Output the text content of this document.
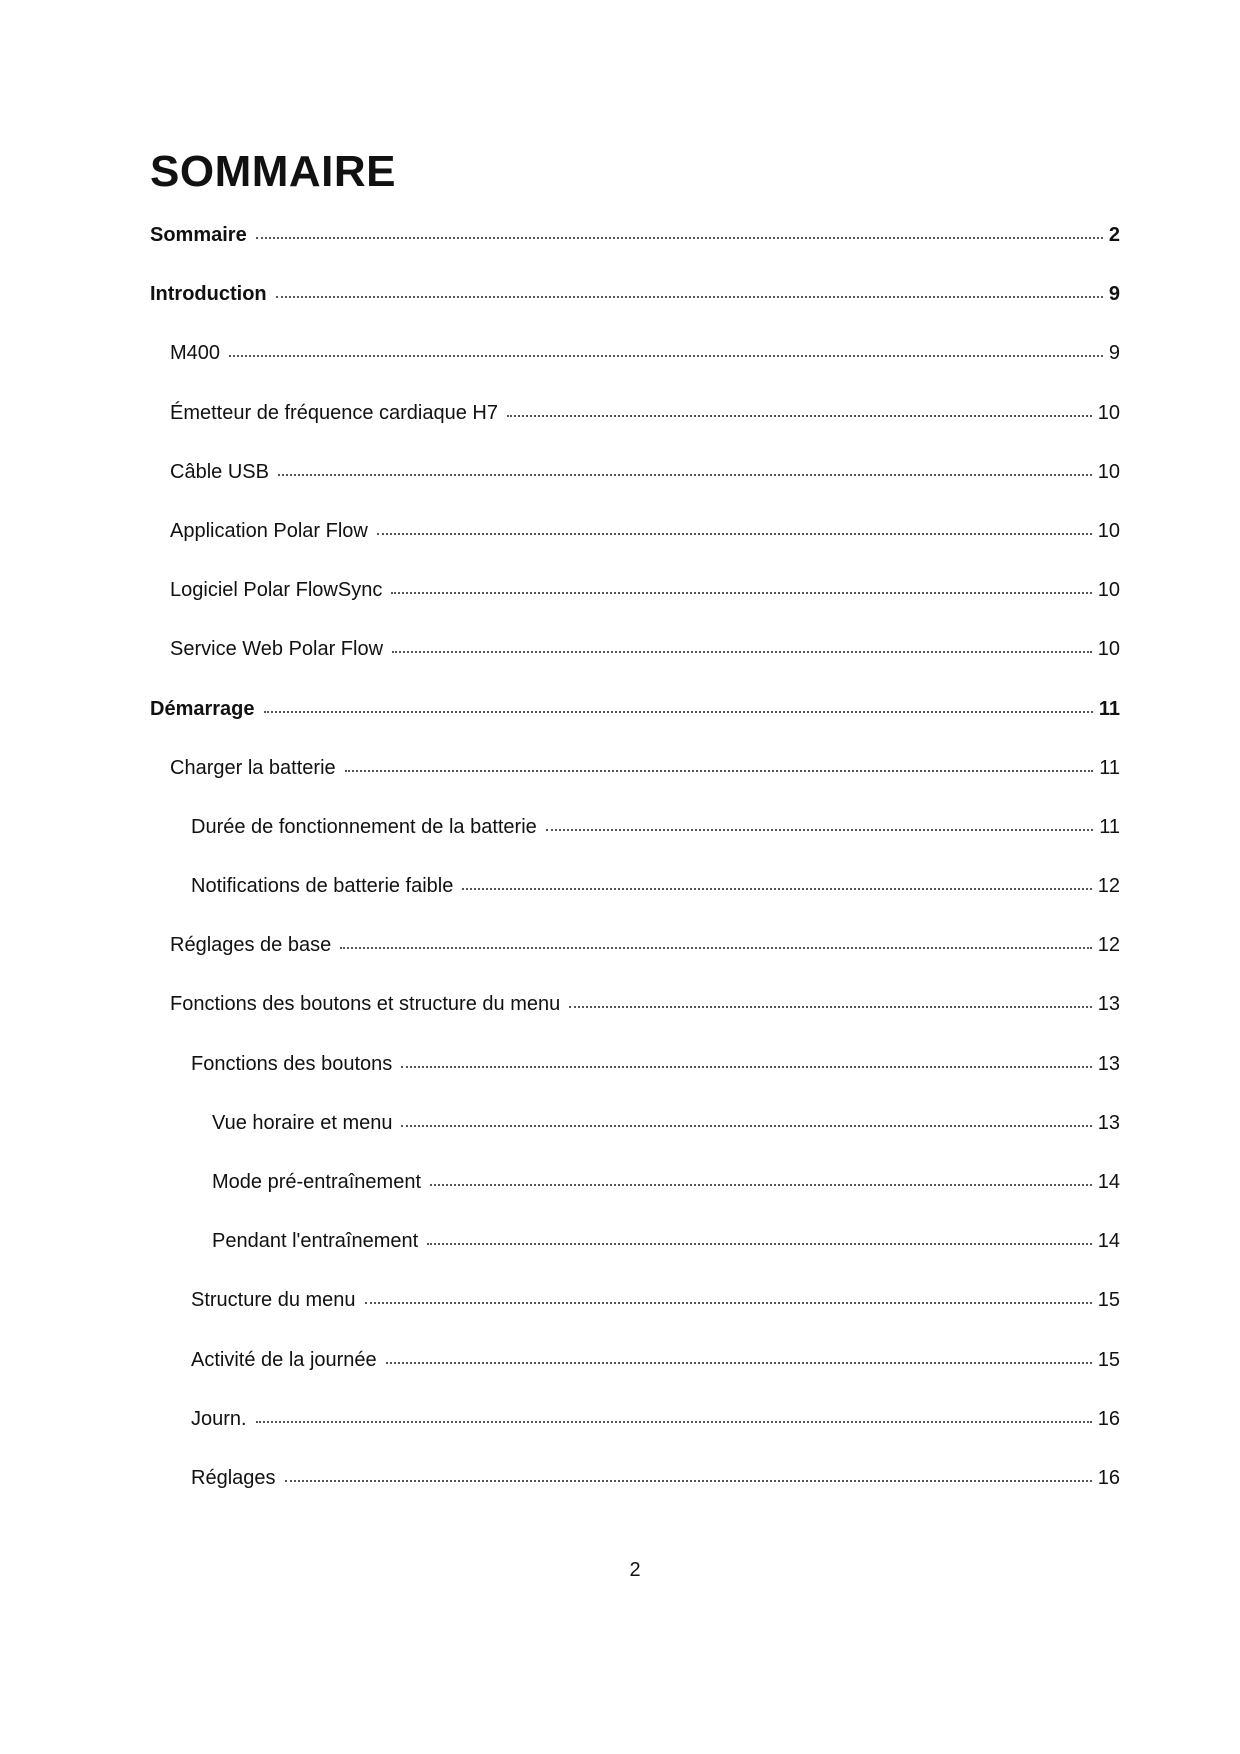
SOMMAIRE
Sommaire	2
Introduction	9
M400	9
Émetteur de fréquence cardiaque H7	10
Câble USB	10
Application Polar Flow	10
Logiciel Polar FlowSync	10
Service Web Polar Flow	10
Démarrage	11
Charger la batterie	11
Durée de fonctionnement de la batterie	11
Notifications de batterie faible	12
Réglages de base	12
Fonctions des boutons et structure du menu	13
Fonctions des boutons	13
Vue horaire et menu	13
Mode pré-entraînement	14
Pendant l'entraînement	14
Structure du menu	15
Activité de la journée	15
Journ.	16
Réglages	16
2
